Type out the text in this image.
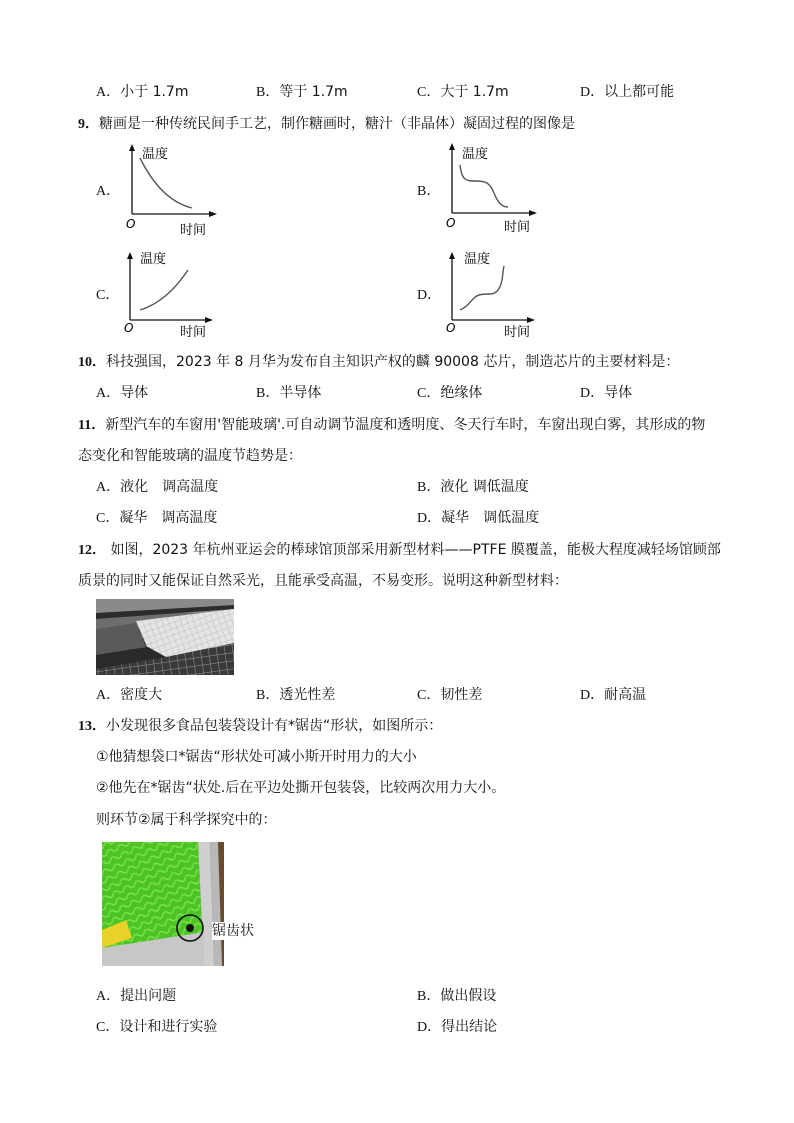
A．小于 1.7m	B．等于 1.7m	C．大于 1.7m	D．以上都可能
9．糖画是一种传统民间手工艺，制作糖画时，糖汁（非晶体）凝固过程的图像是
A．	B．
C．	D．
温度
时间
O
温度
时间
O
温度
时间
O
温度
时间
O
10．科技强国，2023 年 8 月华为发布自主知识产权的麟 90008 芯片，制造芯片的主要材料是：
A．导体	B．半导体	C．绝缘体	D．导体
11．新型汽车的车窗用'智能玻璃'.可自动调节温度和透明度、冬天行车时，车窗出现白雾，其形成的物
态变化和智能玻璃的温度节趋势是：
A．液化　调高温度	B．液化 调低温度
C．凝华　调高温度	D．凝华　调低温度
12． 如图，2023 年杭州亚运会的棒球馆顶部采用新型材料——PTFE 膜覆盖，能极大程度减轻场馆顾部
质景的同时又能保证自然采光，且能承受高温，不易变形。说明这种新型材料：
A．密度大	B．透光性差	C．韧性差	D．耐高温
13．小发现很多食品包装袋设计有*锯齿“形状，如图所示：
①他猜想袋口*锯齿“形状处可减小斯开时用力的大小
②他先在*锯齿“状处.后在平边处撕开包装袋，比较两次用力大小。
则环节②属于科学探究中的：
锯齿状
A．提出问题	B．做出假设
C．设计和进行实验	D．得出结论
